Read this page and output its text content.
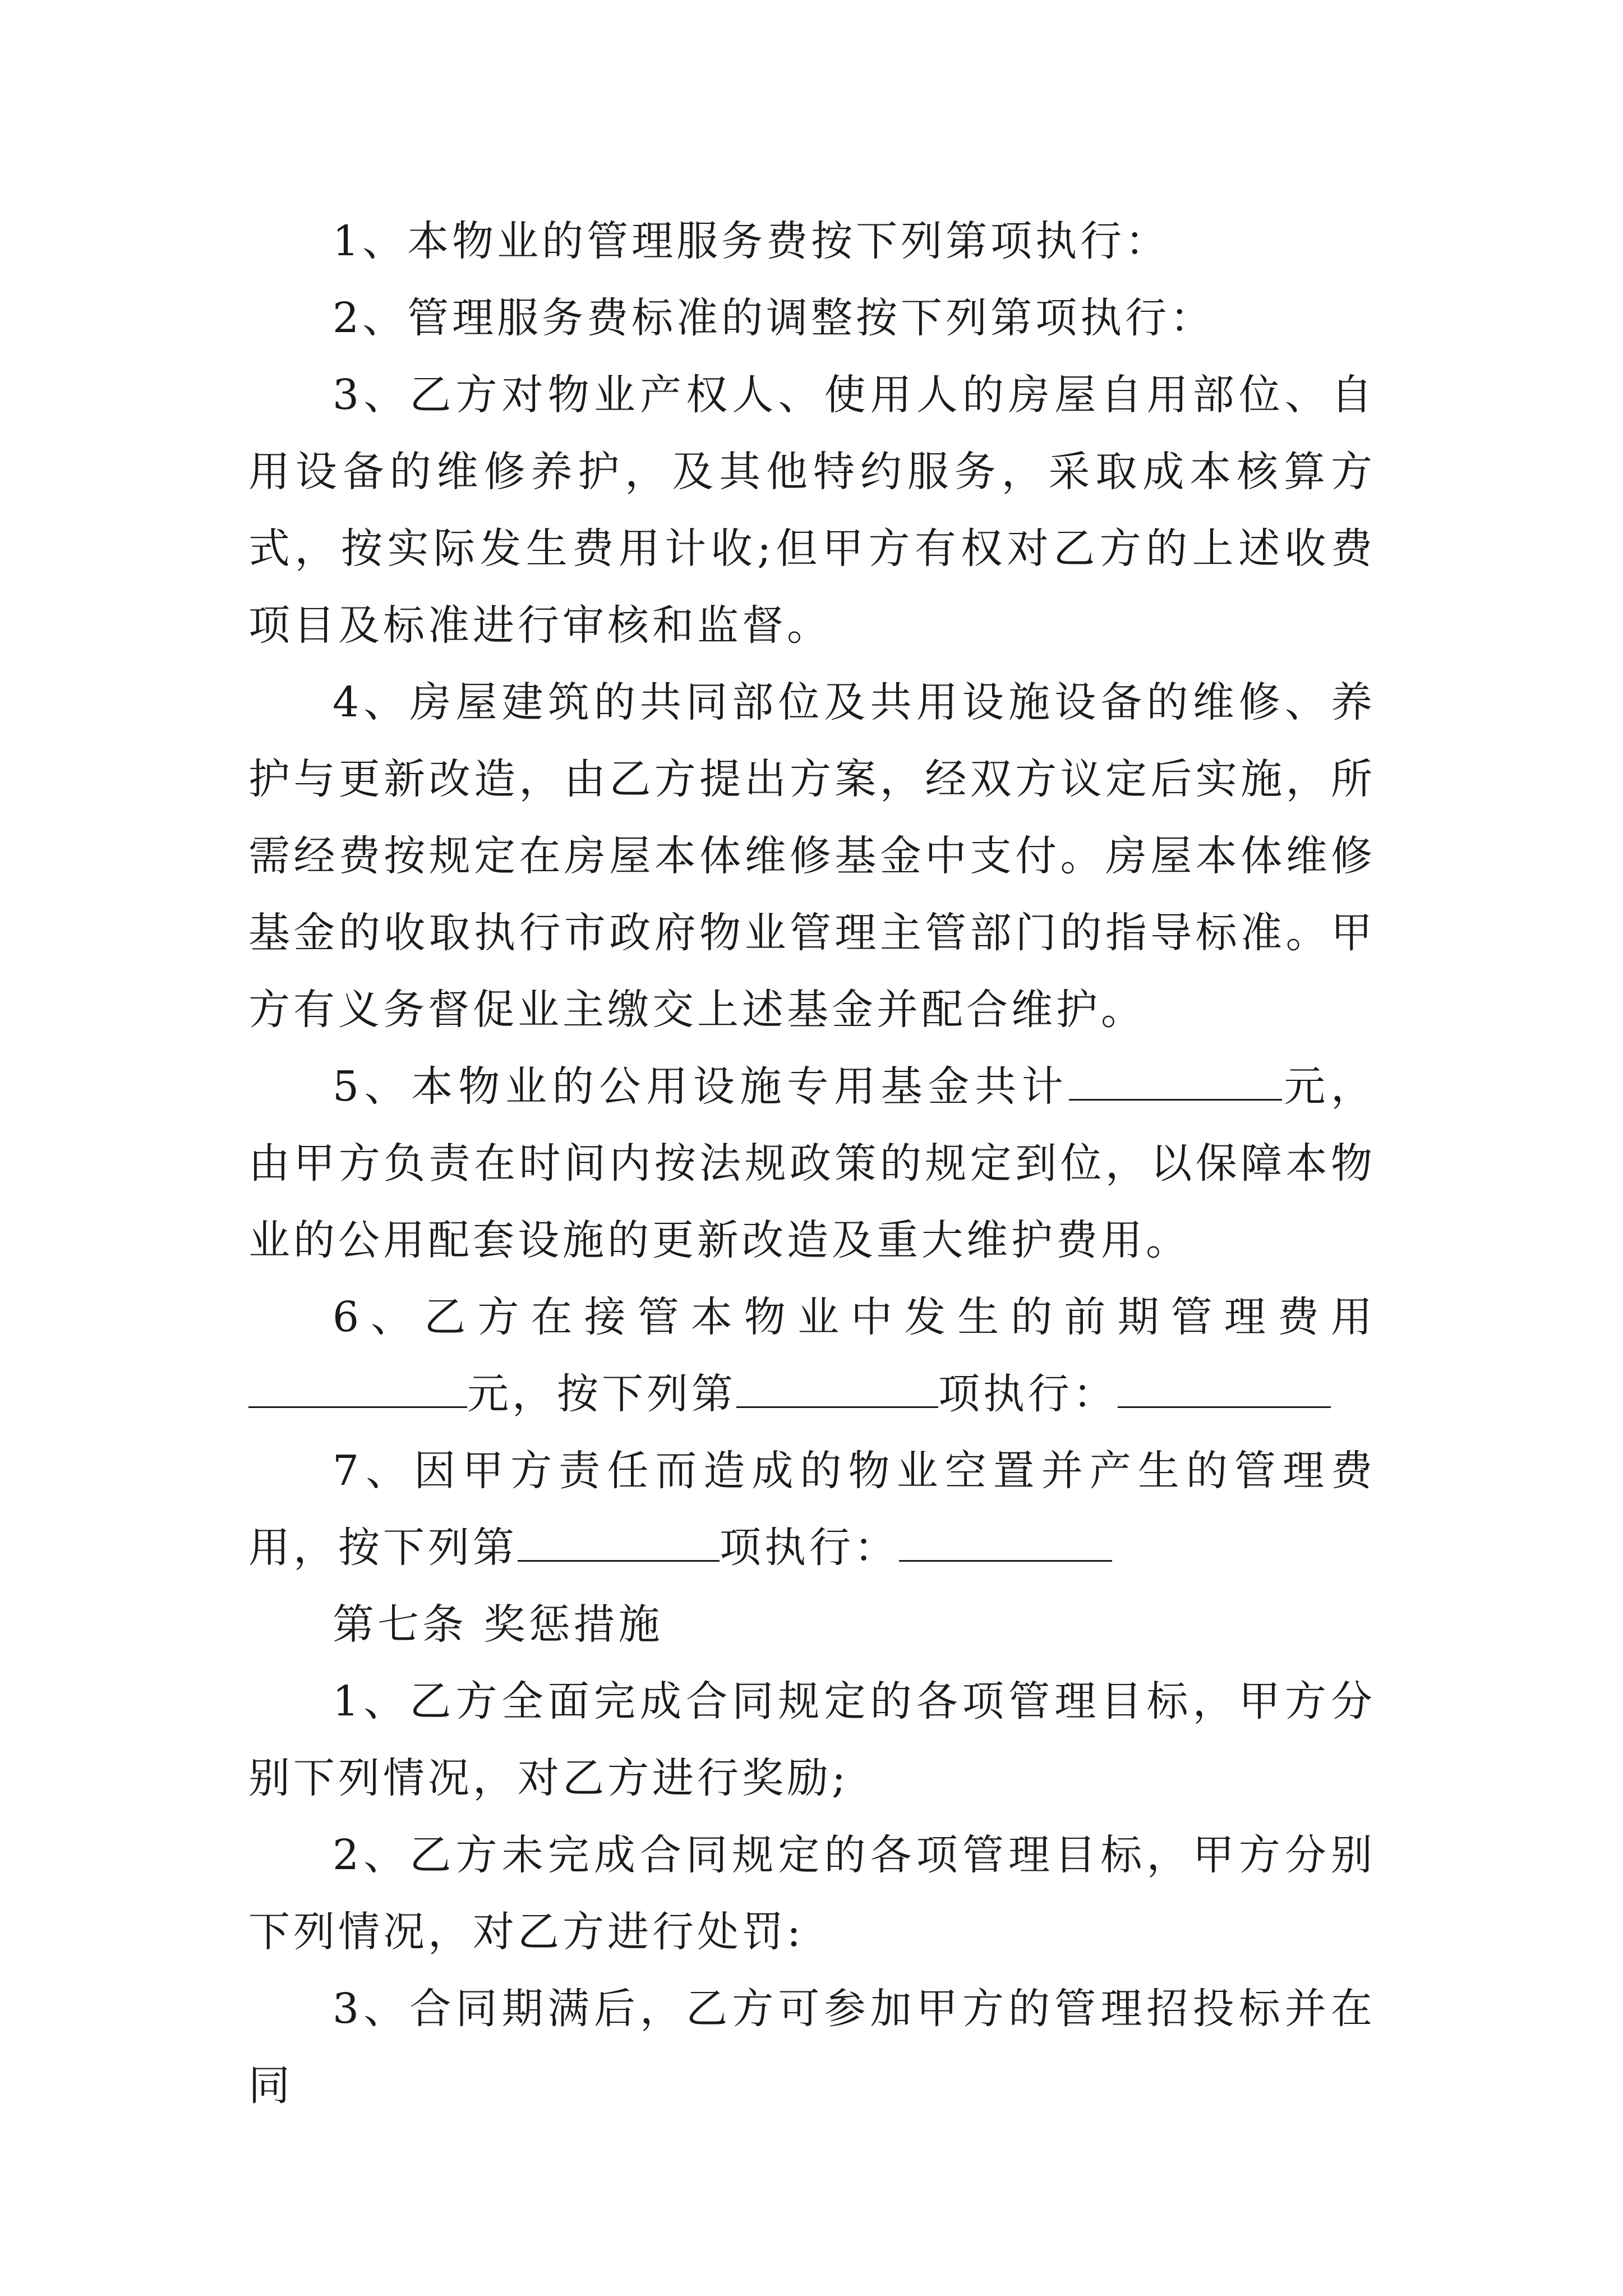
1、本物业的管理服务费按下列第项执行：

2、管理服务费标准的调整按下列第项执行：

3、乙方对物业产权人、使用人的房屋自用部位、自用设备的维修养护，及其他特约服务，采取成本核算方式，按实际发生费用计收;但甲方有权对乙方的上述收费项目及标准进行审核和监督。

4、房屋建筑的共同部位及共用设施设备的维修、养护与更新改造，由乙方提出方案，经双方议定后实施，所需经费按规定在房屋本体维修基金中支付。房屋本体维修基金的收取执行市政府物业管理主管部门的指导标准。甲方有义务督促业主缴交上述基金并配合维护。

5、本物业的公用设施专用基金共计	元，由甲方负责在时间内按法规政策的规定到位，以保障本物业的公用配套设施的更新改造及重大维护费用。

6、乙方在接管本物业中发生的前期管理费用元，按下列第	项执行：

7、因甲方责任而造成的物业空置并产生的管理费用，按下列第	项执行：

第七条 奖惩措施

1、乙方全面完成合同规定的各项管理目标，甲方分别下列情况，对乙方进行奖励;

2、乙方未完成合同规定的各项管理目标，甲方分别下列情况，对乙方进行处罚:

3、合同期满后，乙方可参加甲方的管理招投标并在同
